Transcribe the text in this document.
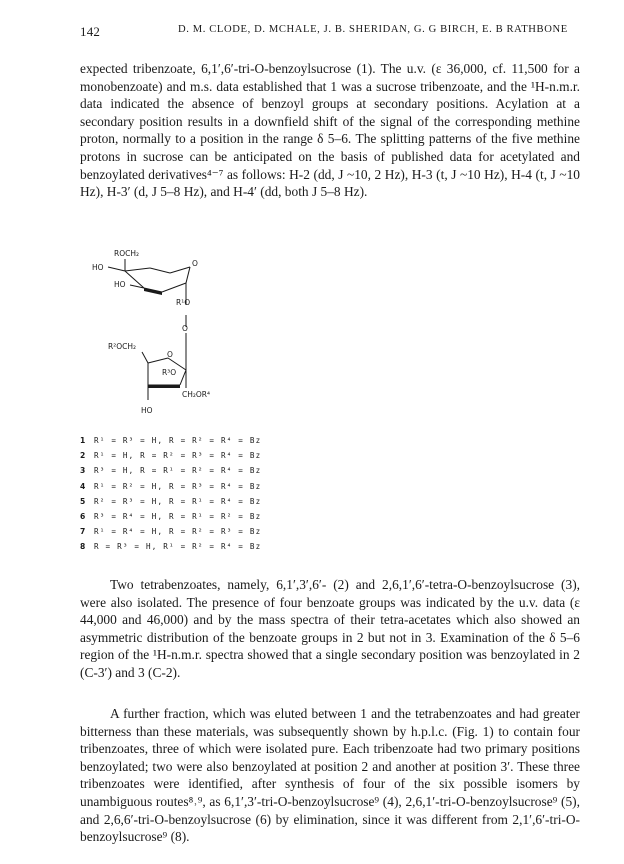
142	D. M. CLODE, D. MCHALE, J. B. SHERIDAN, G. G BIRCH, E. B RATHBONE

expected tribenzoate, 6,1′,6′-tri-O-benzoylsucrose (1). The u.v. (ε 36,000, cf. 11,500 for a monobenzoate) and m.s. data established that 1 was a sucrose tribenzoate, and the ¹H-n.m.r. data indicated the absence of benzoyl groups at secondary positions. Acylation at a secondary position results in a downfield shift of the signal of the corresponding methine proton, normally to a position in the range δ 5–6. The splitting patterns of the five methine protons in sucrose can be anticipated on the basis of published data for acetylated and benzoylated derivatives⁴⁻⁷ as follows: H-2 (dd, J ~10, 2 Hz), H-3 (t, J ~10 Hz), H-4 (t, J ~10 Hz), H-3′ (d, J 5–8 Hz), and H-4′ (dd, both J 5–8 Hz).

ROCH₂
HO	O
HO
R¹O
O
R²OCH₂
O
R³O
CH₂OR⁴
HO
1 R¹ = R³ = H, R = R² = R⁴ = Bz
2 R¹ = H, R = R² = R³ = R⁴ = Bz
3 R³ = H, R = R¹ = R² = R⁴ = Bz
4 R¹ = R² = H, R = R³ = R⁴ = Bz
5 R² = R³ = H, R = R¹ = R⁴ = Bz
6 R³ = R⁴ = H, R = R¹ = R² = Bz
7 R¹ = R⁴ = H, R = R² = R³ = Bz
8 R = R³ = H, R¹ = R² = R⁴ = Bz

Two tetrabenzoates, namely, 6,1′,3′,6′- (2) and 2,6,1′,6′-tetra-O-benzoylsucrose (3), were also isolated. The presence of four benzoate groups was indicated by the u.v. data (ε 44,000 and 46,000) and by the mass spectra of their tetra-acetates which also showed an asymmetric distribution of the benzoate groups in 2 but not in 3. Examination of the δ 5–6 region of the ¹H-n.m.r. spectra showed that a single secondary position was benzoylated in 2 (C-3′) and 3 (C-2).

A further fraction, which was eluted between 1 and the tetrabenzoates and had greater bitterness than these materials, was subsequently shown by h.p.l.c. (Fig. 1) to contain four tribenzoates, three of which were isolated pure. Each tribenzoate had two primary positions benzoylated; two were also benzoylated at position 2 and another at position 3′. These three tribenzoates were identified, after synthesis of four of the six possible isomers by unambiguous routes⁸˒⁹, as 6,1′,3′-tri-O-benzoylsucrose⁹ (4), 2,6,1′-tri-O-benzoylsucrose⁹ (5), and 2,6,6′-tri-O-benzoylsucrose (6) by elimination, since it was different from 2,1′,6′-tri-O-benzoylsucrose⁹ (8).
